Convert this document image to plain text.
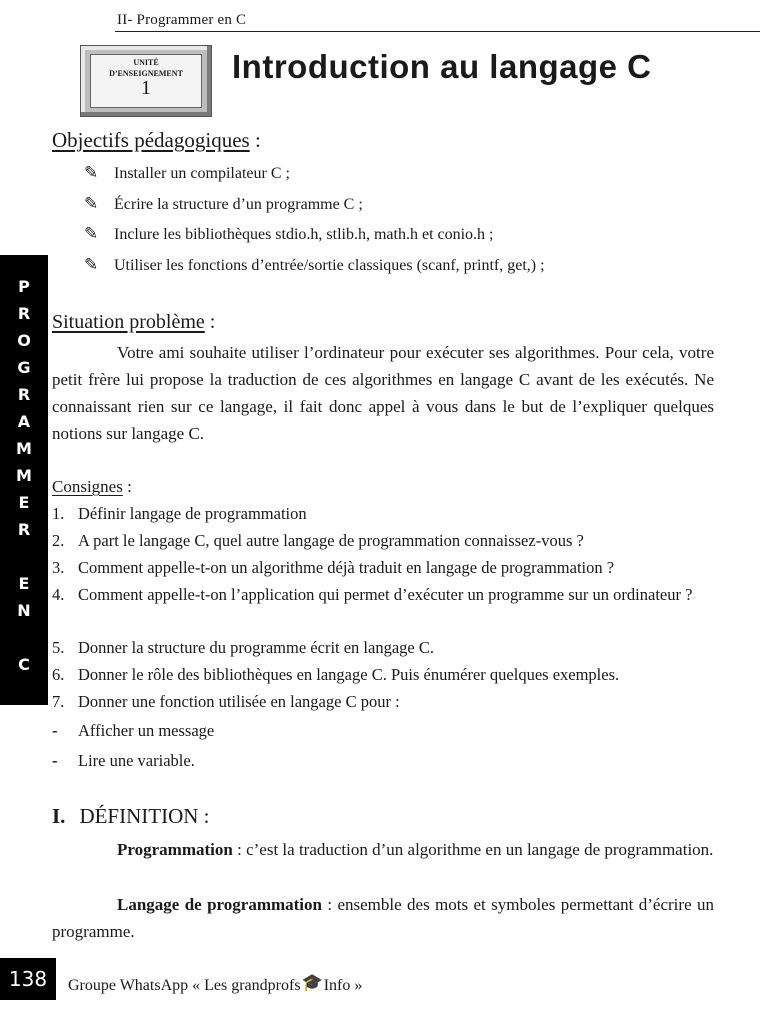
II- Programmer en C
UNITÉ
D’ENSEIGNEMENT
1
Introduction au langage C
Objectifs pédagogiques :
✎ Installer un compilateur C ;
✎ Écrire la structure d’un programme C ;
✎ Inclure les bibliothèques stdio.h, stlib.h, math.h et conio.h ;
✎ Utiliser les fonctions d’entrée/sortie classiques (scanf, printf, get,) ;
P
R
O
G
R
A
M
M
E
R
E
N
C
Situation problème :
Votre ami souhaite utiliser l’ordinateur pour exécuter ses algorithmes. Pour cela, votre petit frère lui propose la traduction de ces algorithmes en langage C avant de les exécutés. Ne connaissant rien sur ce langage, il fait donc appel à vous dans le but de l’expliquer quelques notions sur langage C.
Consignes :
1. Définir langage de programmation
2. A part le langage C, quel autre langage de programmation connaissez-vous ?
3. Comment appelle-t-on un algorithme déjà traduit en langage de programmation ?
4. Comment appelle-t-on l’application qui permet d’exécuter un programme sur un ordinateur ?
5. Donner la structure du programme écrit en langage C.
6. Donner le rôle des bibliothèques en langage C. Puis énumérer quelques exemples.
7. Donner une fonction utilisée en langage C pour :
- Afficher un message
- Lire une variable.
I. DÉFINITION :
Programmation : c’est la traduction d’un algorithme en un langage de programmation.
Langage de programmation : ensemble des mots et symboles permettant d’écrire un programme.
138	Groupe WhatsApp « Les grandprofs🎓Info »
